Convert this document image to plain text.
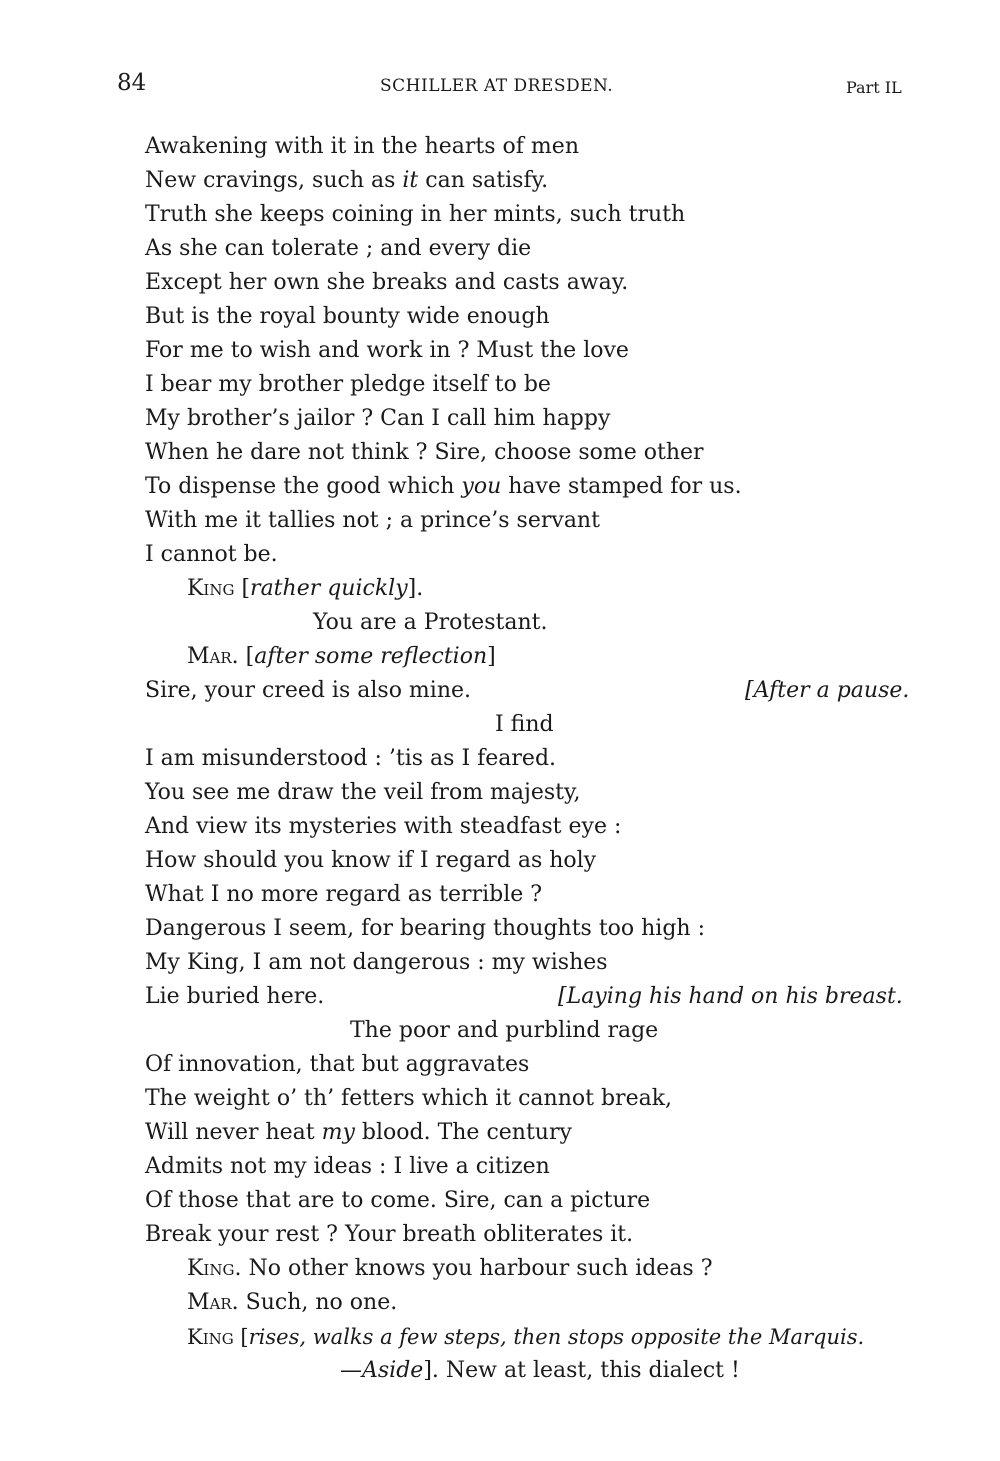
84	SCHILLER AT DRESDEN.	Part IL
Awakening with it in the hearts of men
New cravings, such as it can satisfy.
Truth she keeps coining in her mints, such truth
As she can tolerate ; and every die
Except her own she breaks and casts away.
But is the royal bounty wide enough
For me to wish and work in ? Must the love
I bear my brother pledge itself to be
My brother’s jailor ? Can I call him happy
When he dare not think ? Sire, choose some other
To dispense the good which you have stamped for us.
With me it tallies not ; a prince’s servant
I cannot be.
King [rather quickly].
You are a Protestant.
Mar. [after some reflection]
Sire, your creed is also mine.	[After a pause.
I find
I am misunderstood : ’tis as I feared.
You see me draw the veil from majesty,
And view its mysteries with steadfast eye :
How should you know if I regard as holy
What I no more regard as terrible ?
Dangerous I seem, for bearing thoughts too high :
My King, I am not dangerous : my wishes
Lie buried here.	[Laying his hand on his breast.
The poor and purblind rage
Of innovation, that but aggravates
The weight o’ th’ fetters which it cannot break,
Will never heat my blood. The century
Admits not my ideas : I live a citizen
Of those that are to come. Sire, can a picture
Break your rest ? Your breath obliterates it.
King. No other knows you harbour such ideas ?
Mar. Such, no one.
King [rises, walks a few steps, then stops opposite the Marquis.
—Aside]. New at least, this dialect !
